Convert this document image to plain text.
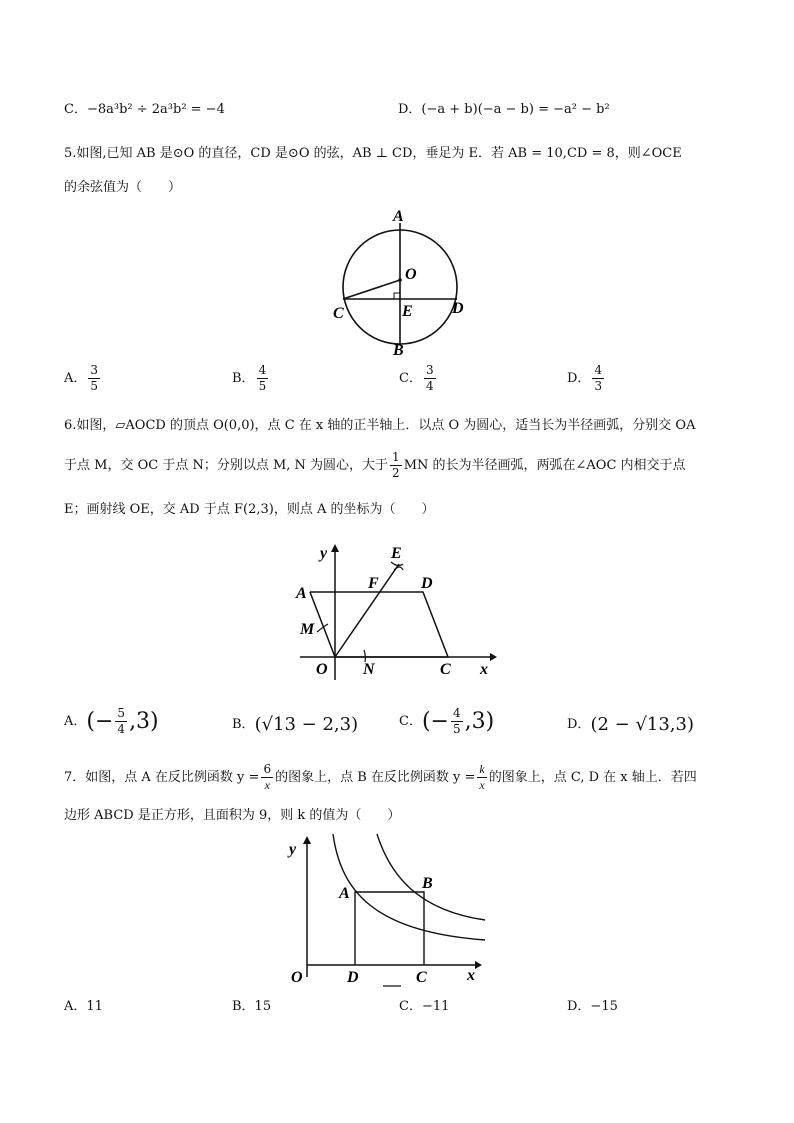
C．−8a³b² ÷ 2a³b² = −4	D．(−a + b)(−a − b) = −a² − b²
5.如图,已知 AB 是⊙O 的直径，CD 是⊙O 的弦，AB ⊥ CD，垂足为 E．若 AB = 10,CD = 8，则∠OCE
的余弦值为（　　）
A
O
C	E D
B
A． $\frac{3}{5}$	B． $\frac{4}{5}$	C． $\frac{3}{4}$	D． $\frac{4}{3}$
6.如图，▱AOCD 的顶点 O(0,0)，点 C 在 x 轴的正半轴上．以点 O 为圆心，适当长为半径画弧，分别交 OA
于点 M，交 OC 于点 N；分别以点 M, N 为圆心，大于 $\frac{1}{2}$ MN 的长为半径画弧，两弧在∠AOC 内相交于点
E；画射线 OE，交 AD 于点 F(2,3)，则点 A 的坐标为（　　）
y	E
F	D
A
M
O N	C x
A．(− $\frac{5}{4} ,3$)	B．(√13 − 2,3)	C．(− $\frac{4}{5} ,3$)	D．(2 − √13,3)
7．如图，点 A 在反比例函数 $y = \frac{6}{x}$ 的图象上，点 B 在反比例函数 $y = \frac{k}{x}$ 的图象上，点 C, D 在 x 轴上．若四
边形 ABCD 是正方形，且面积为 9，则 k 的值为（　　）
y
A
B
O	D	C	x
A．11	B．15	C．−11	D．−15
